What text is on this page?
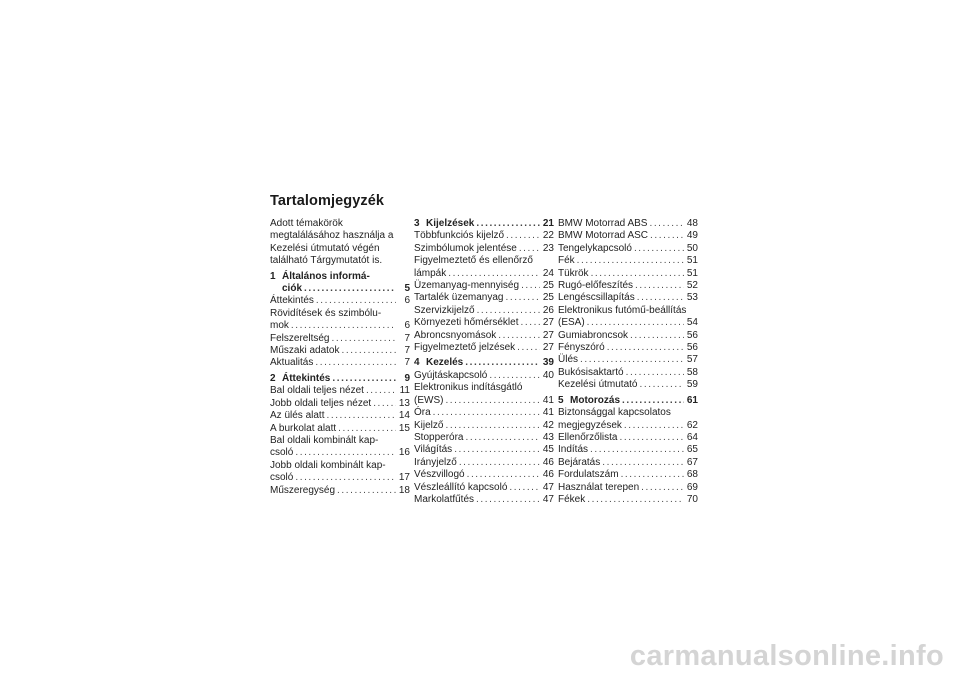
Tartalomjegyzék

Adott témakörök megtalálásához használja a Kezelési útmutató végén található Tárgymutatót is.

1 Általános informá-
ciók . . .	5
Áttekintés . . .	6
Rövidítések és szimbólu-
mok . . .	6
Felszereltség . . .	7
Műszaki adatok . . .	7
Aktualitás . . .	7
2 Áttekintés . . .	9
Bal oldali teljes nézet . . .	11
Jobb oldali teljes nézet . . .	13
Az ülés alatt . . .	14
A burkolat alatt . . .	15
Bal oldali kombinált kap-
csoló . . .	16
Jobb oldali kombinált kap-
csoló . . .	17
Műszeregység . . .	18
3 Kijelzések . . .	21
Többfunkciós kijelző . . .	22
Szimbólumok jelentése . . .	23
Figyelmeztető és ellenőrző
lámpák . . .	24
Üzemanyag-mennyiség . . . 25
Tartalék üzemanyag . . .	25
Szervizkijelző . . .	26
Környezeti hőmérséklet . . . 27
Abroncsnyomások . . .	27
Figyelmeztető jelzések . . .	27
4 Kezelés . . .	39
Gyújtáskapcsoló . . .	40
Elektronikus indításgátló
(EWS) . . .	41
Óra . . .	41
Kijelző . . .	42
Stopperóra . . .	43
Világítás . . .	45
Irányjelző . . .	46
Vészvillogó . . .	46
Vészleállító kapcsoló . . .	47
Markolatfűtés . . .	47
BMW Motorrad ABS . . .	48
BMW Motorrad ASC . . .	49
Tengelykapcsoló . . .	50
Fék . . .	51
Tükrök . . .	51
Rugó-előfeszítés . . .	52
Lengéscsillapítás . . .	53
Elektronikus futómű-beállítás
(ESA) . . .	54
Gumiabroncsok . . .	56
Fényszóró . . .	56
Ülés . . .	57
Bukósisaktartó . . .	58
Kezelési útmutató . . .	59
5 Motorozás . . .	61
Biztonsággal kapcsolatos
megjegyzések . . .	62
Ellenőrzőlista . . .	64
Indítás . . .	65
Bejáratás . . .	67
Fordulatszám . . .	68
Használat terepen . . .	69
Fékek . . .	70
carmanualsonline.info
